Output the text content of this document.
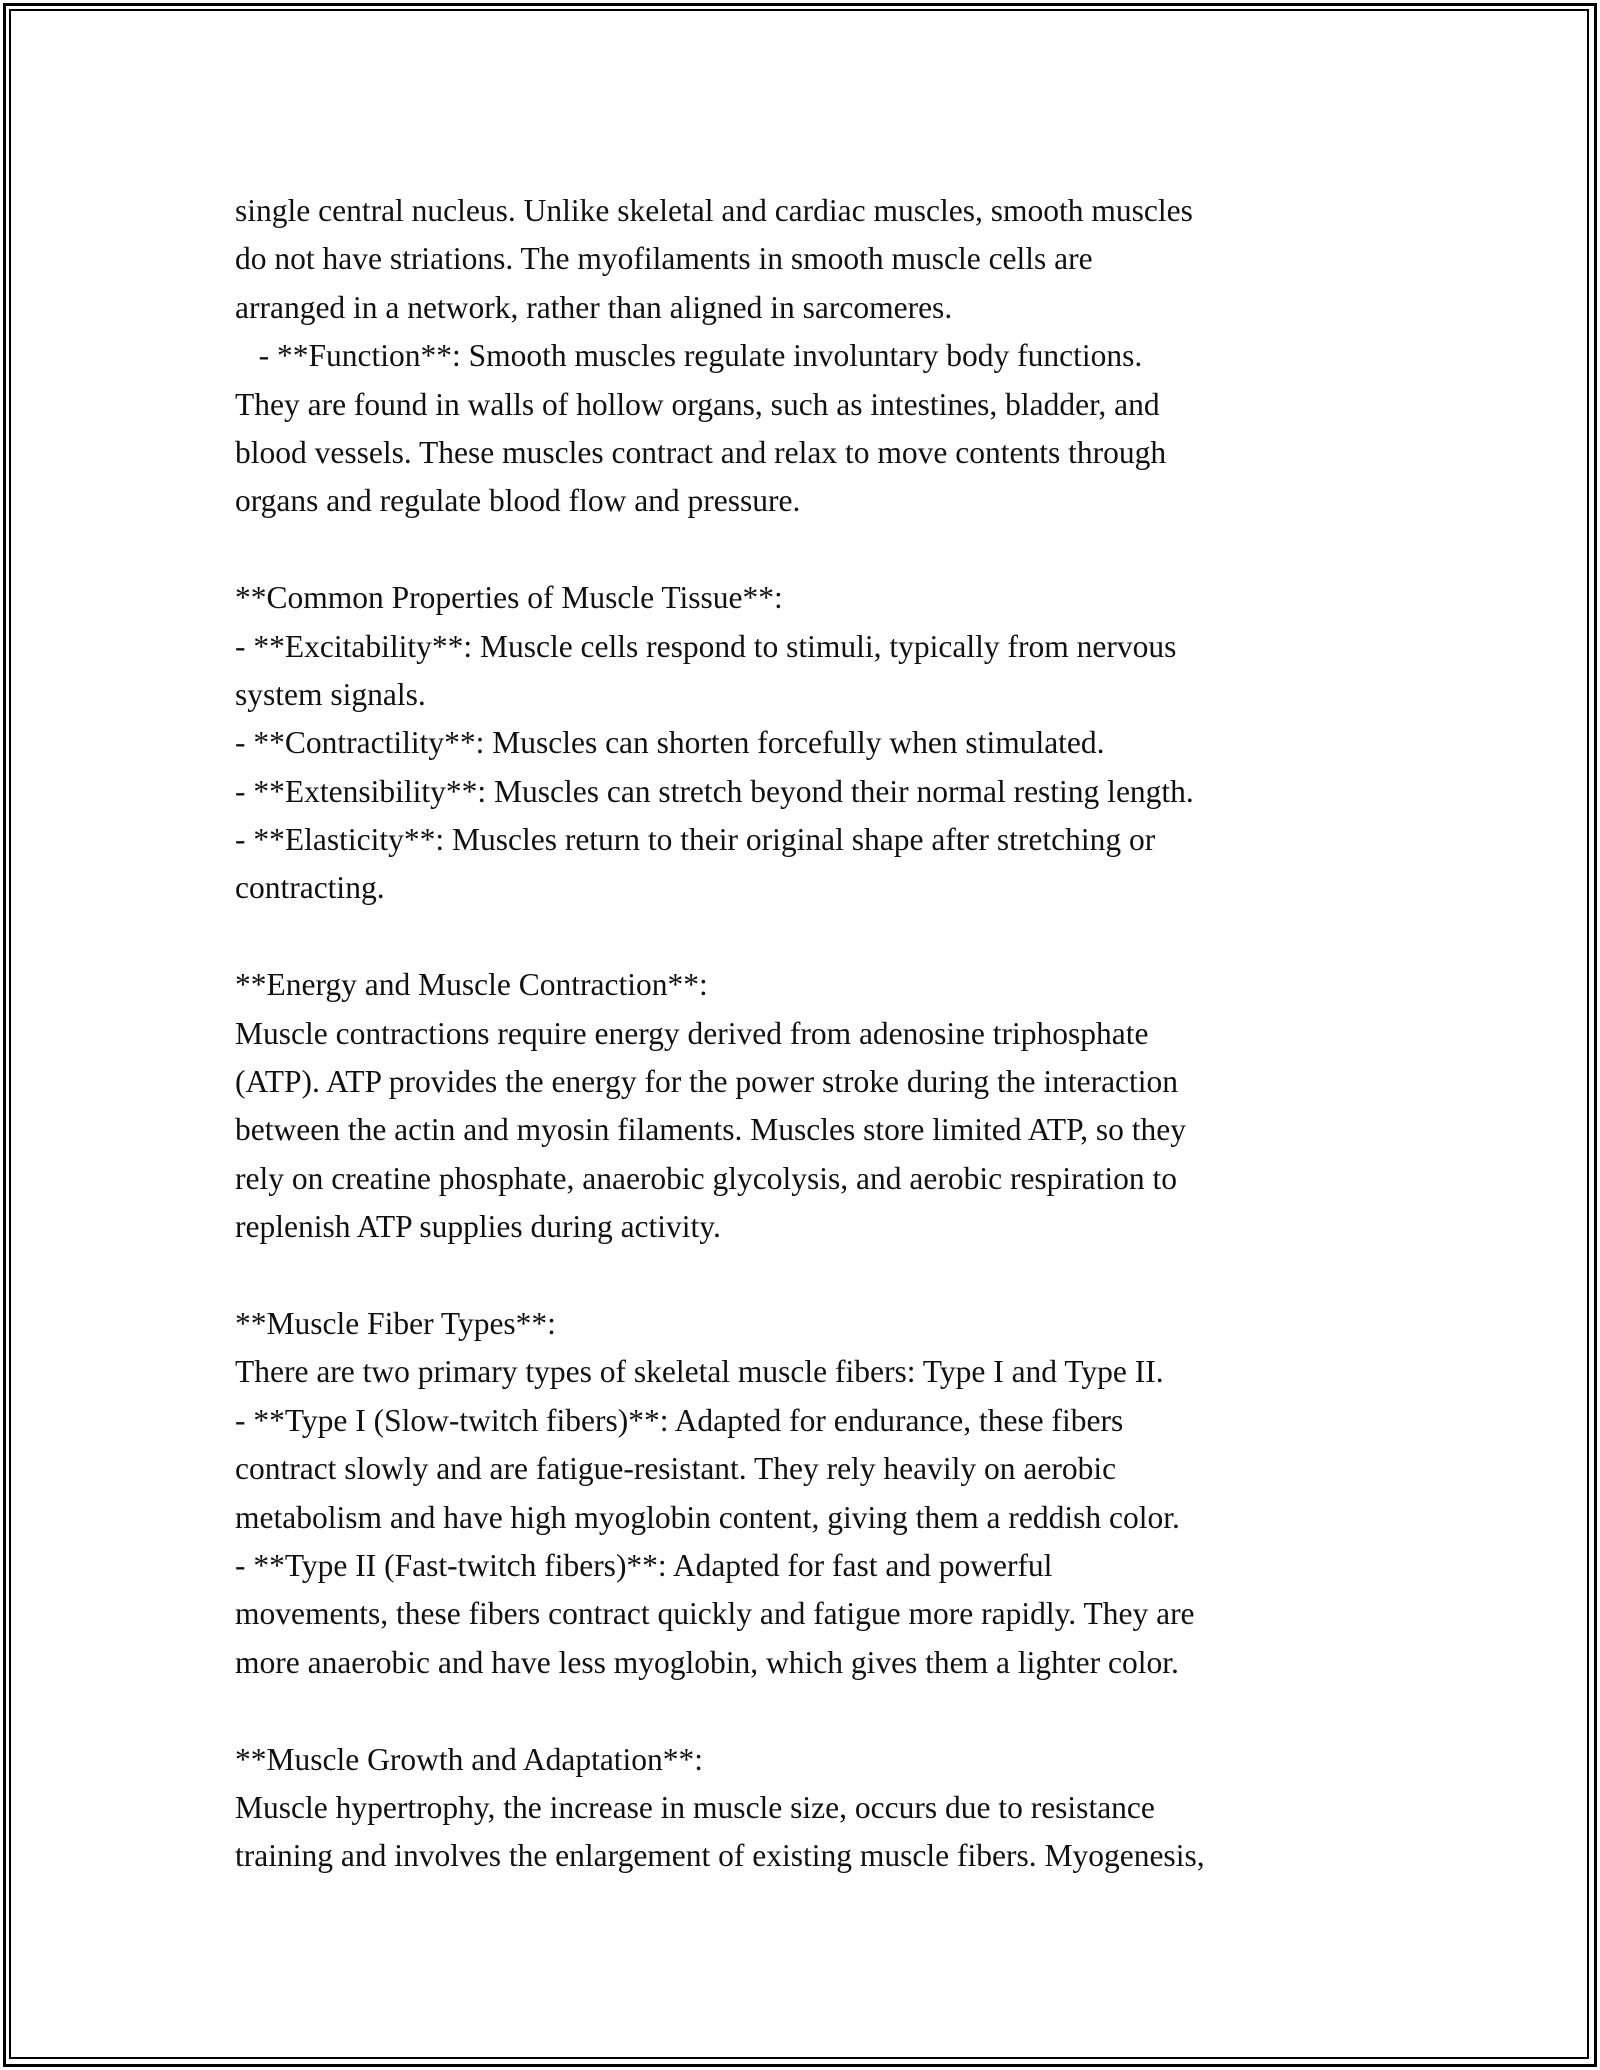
single central nucleus. Unlike skeletal and cardiac muscles, smooth muscles
do not have striations. The myofilaments in smooth muscle cells are
arranged in a network, rather than aligned in sarcomeres.
- **Function**: Smooth muscles regulate involuntary body functions.
They are found in walls of hollow organs, such as intestines, bladder, and
blood vessels. These muscles contract and relax to move contents through
organs and regulate blood flow and pressure.
**Common Properties of Muscle Tissue**:
- **Excitability**: Muscle cells respond to stimuli, typically from nervous
system signals.
- **Contractility**: Muscles can shorten forcefully when stimulated.
- **Extensibility**: Muscles can stretch beyond their normal resting length.
- **Elasticity**: Muscles return to their original shape after stretching or
contracting.
**Energy and Muscle Contraction**:
Muscle contractions require energy derived from adenosine triphosphate
(ATP). ATP provides the energy for the power stroke during the interaction
between the actin and myosin filaments. Muscles store limited ATP, so they
rely on creatine phosphate, anaerobic glycolysis, and aerobic respiration to
replenish ATP supplies during activity.
**Muscle Fiber Types**:
There are two primary types of skeletal muscle fibers: Type I and Type II.
- **Type I (Slow-twitch fibers)**: Adapted for endurance, these fibers
contract slowly and are fatigue-resistant. They rely heavily on aerobic
metabolism and have high myoglobin content, giving them a reddish color.
- **Type II (Fast-twitch fibers)**: Adapted for fast and powerful
movements, these fibers contract quickly and fatigue more rapidly. They are
more anaerobic and have less myoglobin, which gives them a lighter color.
**Muscle Growth and Adaptation**:
Muscle hypertrophy, the increase in muscle size, occurs due to resistance
training and involves the enlargement of existing muscle fibers. Myogenesis,
